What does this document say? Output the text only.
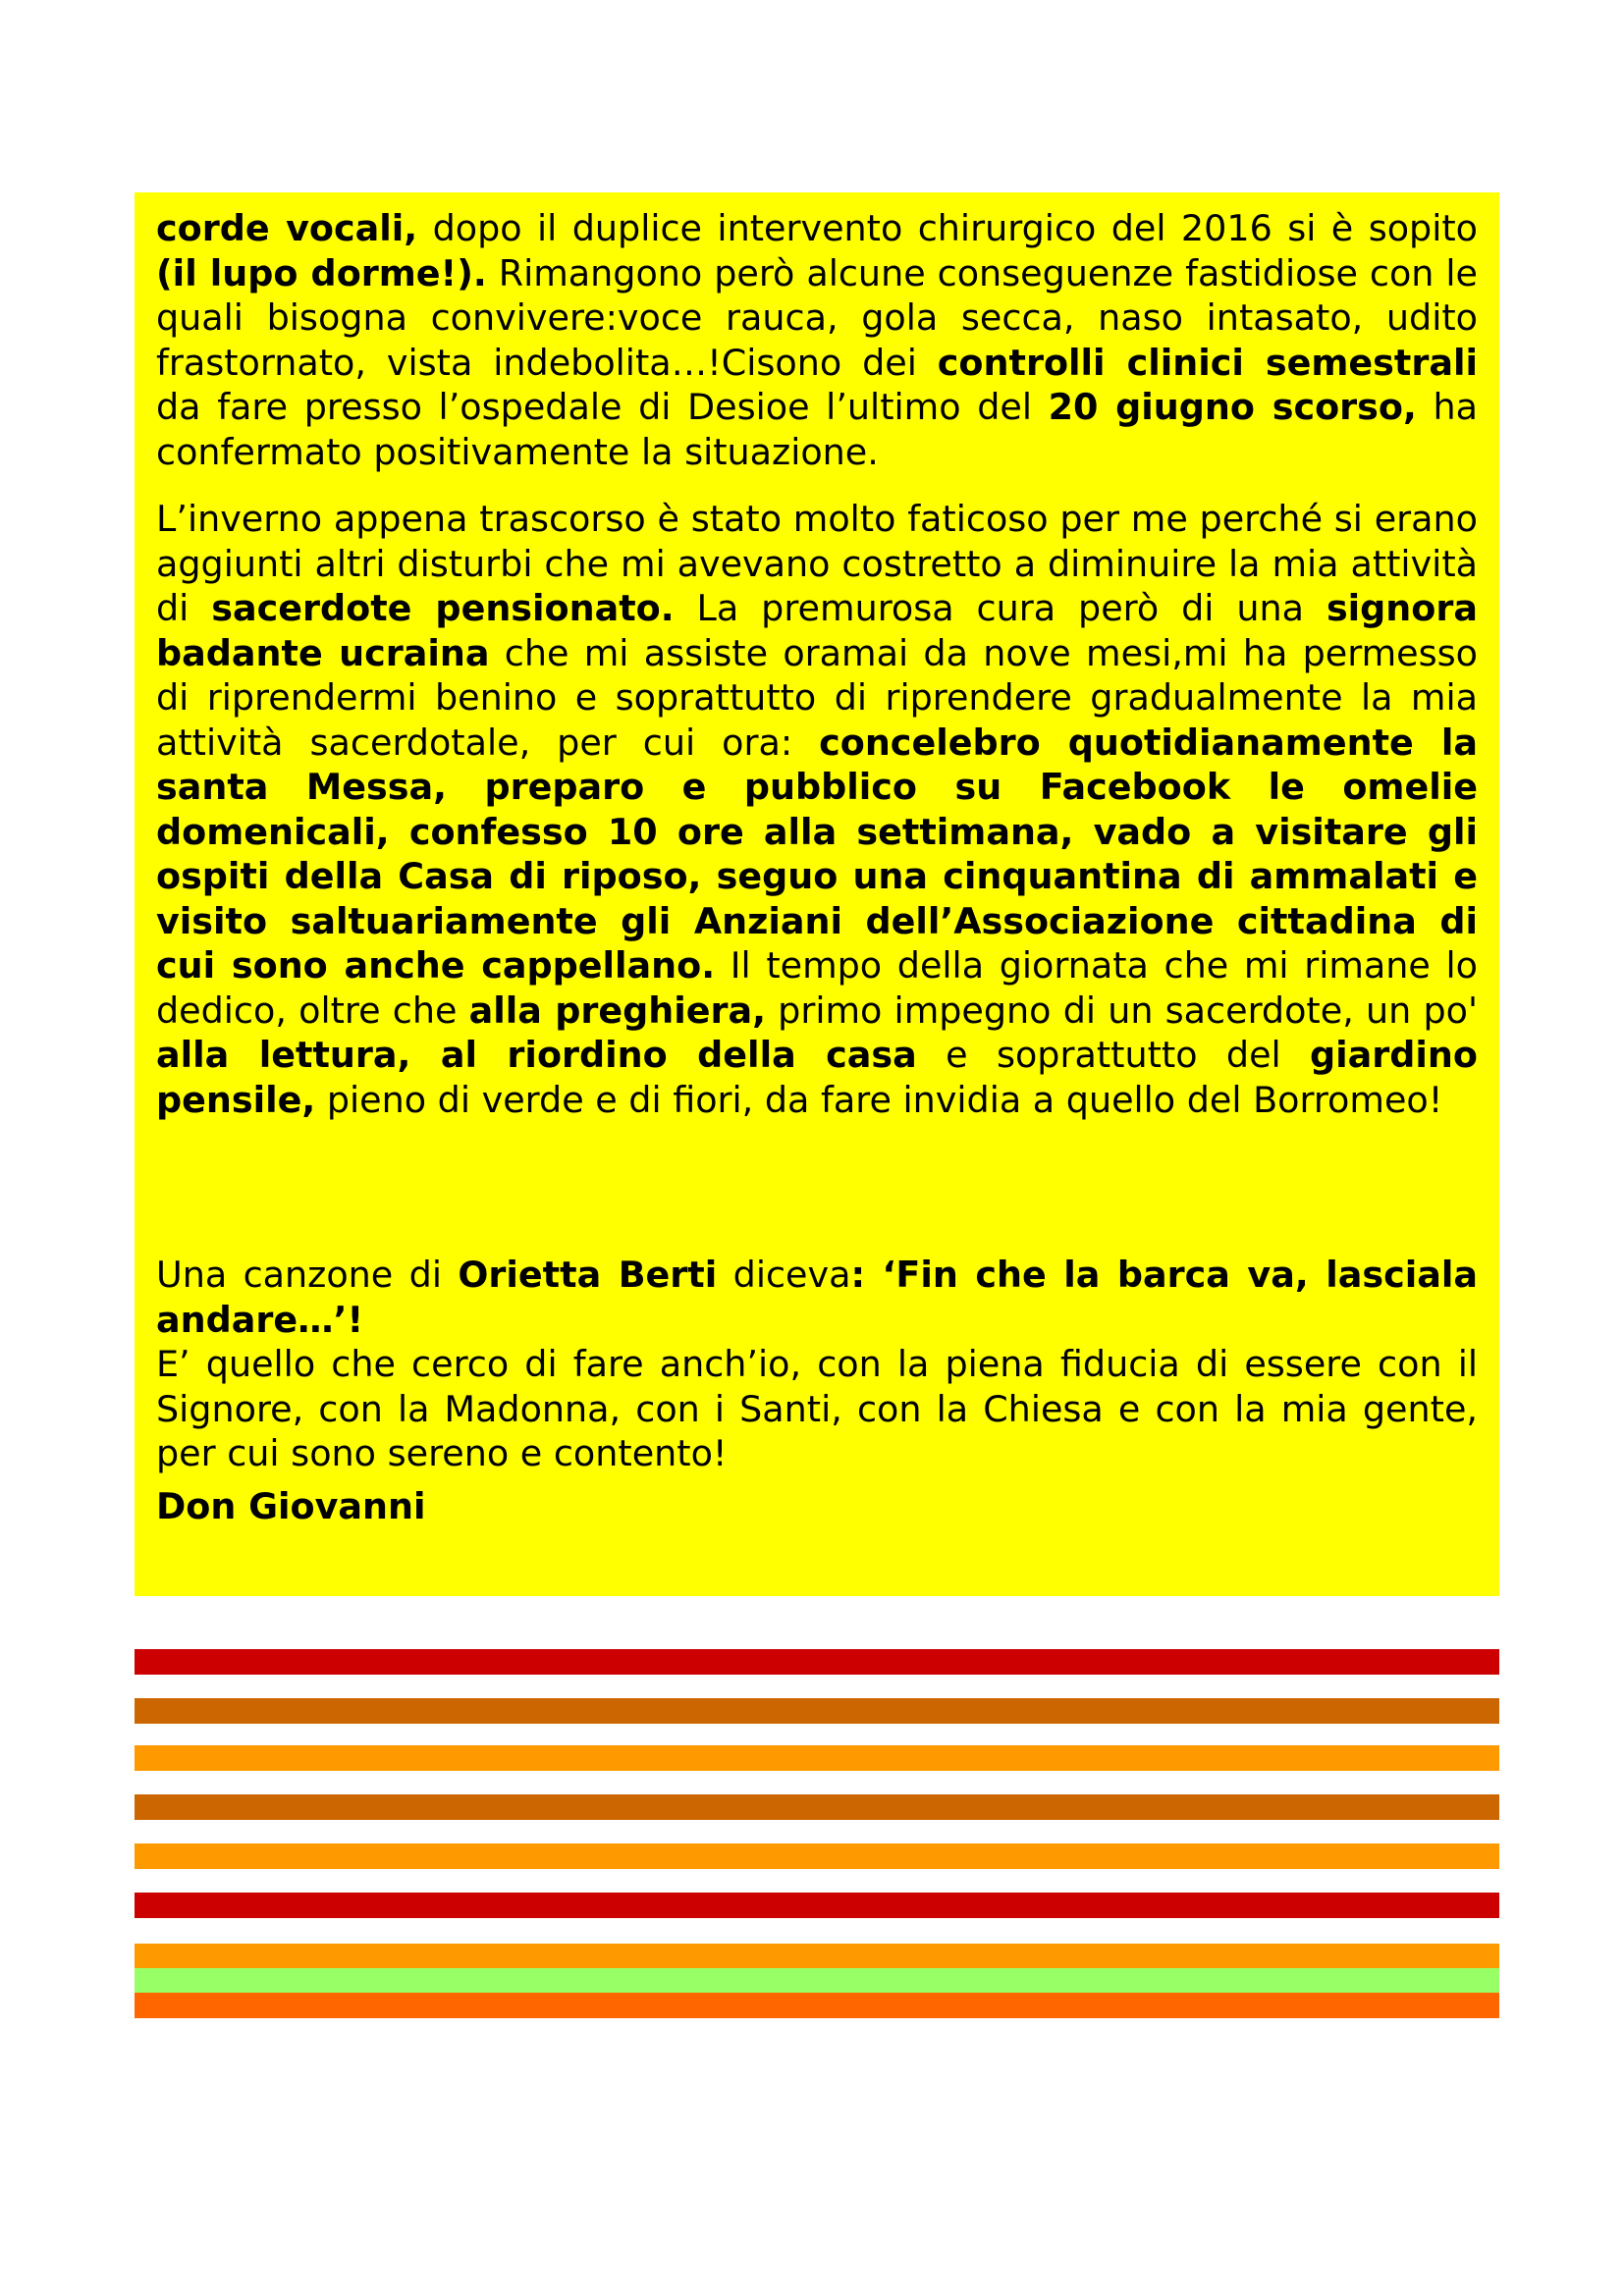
corde vocali, dopo il duplice intervento chirurgico del 2016 si è sopito (il lupo dorme!). Rimangono però alcune conseguenze fastidiose con le quali bisogna convivere:voce rauca, gola secca, naso intasato, udito frastornato, vista indebolita…!Cisono dei controlli clinici semestrali da fare presso l’ospedale di Desioe l’ultimo del 20 giugno scorso, ha confermato positivamente la situazione.

L’inverno appena trascorso è stato molto faticoso per me perché si erano aggiunti altri disturbi che mi avevano costretto a diminuire la mia attività di sacerdote pensionato. La premurosa cura però di una signora badante ucraina che mi assiste oramai da nove mesi,mi ha permesso di riprendermi benino e soprattutto di riprendere gradualmente la mia attività sacerdotale, per cui ora: concelebro quotidianamente la santa Messa, preparo e pubblico su Facebook le omelie domenicali, confesso 10 ore alla settimana, vado a visitare gli ospiti della Casa di riposo, seguo una cinquantina di ammalati e visito saltuariamente gli Anziani dell’Associazione cittadina di cui sono anche cappellano. Il tempo della giornata che mi rimane lo dedico, oltre che alla preghiera, primo impegno di un sacerdote, un po' alla lettura, al riordino della casa e soprattutto del giardino pensile, pieno di verde e di fiori, da fare invidia a quello del Borromeo!

Una canzone di Orietta Berti diceva: ‘Fin che la barca va, lasciala andare…’!

E’ quello che cerco di fare anch’io, con la piena fiducia di essere con il Signore, con la Madonna, con i Santi, con la Chiesa e con la mia gente, per cui sono sereno e contento!

Don Giovanni
